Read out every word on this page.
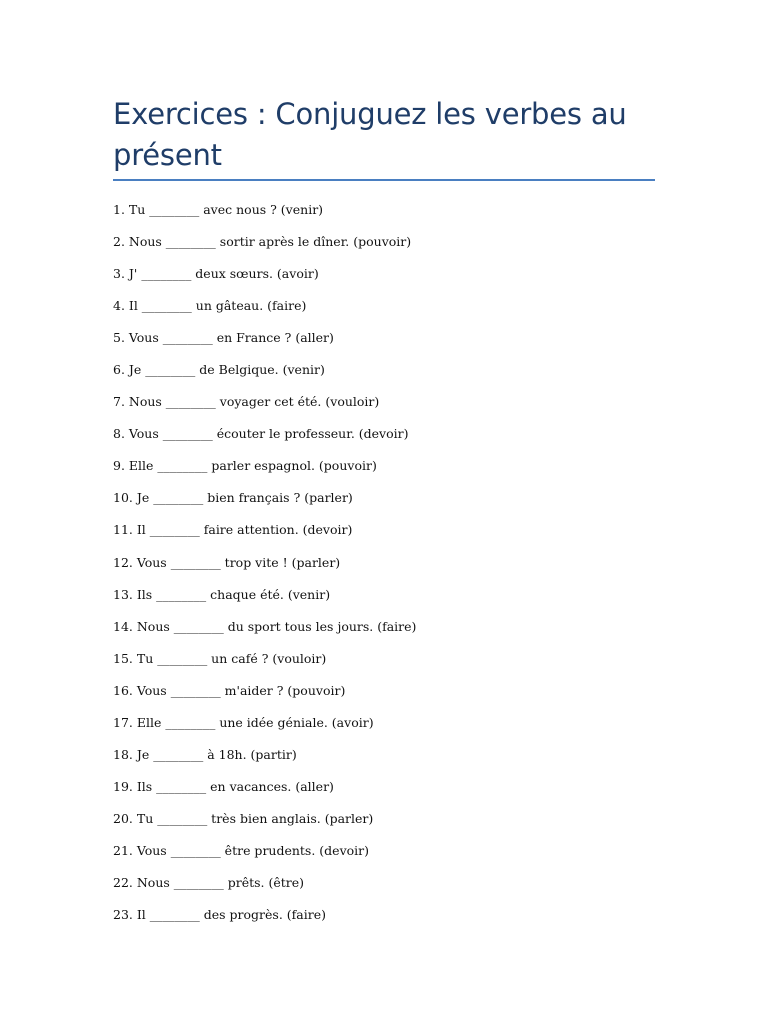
Exercices : Conjuguez les verbes au présent
1. Tu ________ avec nous ? (venir)
2. Nous ________ sortir après le dîner. (pouvoir)
3. J' ________ deux sœurs. (avoir)
4. Il ________ un gâteau. (faire)
5. Vous ________ en France ? (aller)
6. Je ________ de Belgique. (venir)
7. Nous ________ voyager cet été. (vouloir)
8. Vous ________ écouter le professeur. (devoir)
9. Elle ________ parler espagnol. (pouvoir)
10. Je ________ bien français ? (parler)
11. Il ________ faire attention. (devoir)
12. Vous ________ trop vite ! (parler)
13. Ils ________ chaque été. (venir)
14. Nous ________ du sport tous les jours. (faire)
15. Tu ________ un café ? (vouloir)
16. Vous ________ m'aider ? (pouvoir)
17. Elle ________ une idée géniale. (avoir)
18. Je ________ à 18h. (partir)
19. Ils ________ en vacances. (aller)
20. Tu ________ très bien anglais. (parler)
21. Vous ________ être prudents. (devoir)
22. Nous ________ prêts. (être)
23. Il ________ des progrès. (faire)
